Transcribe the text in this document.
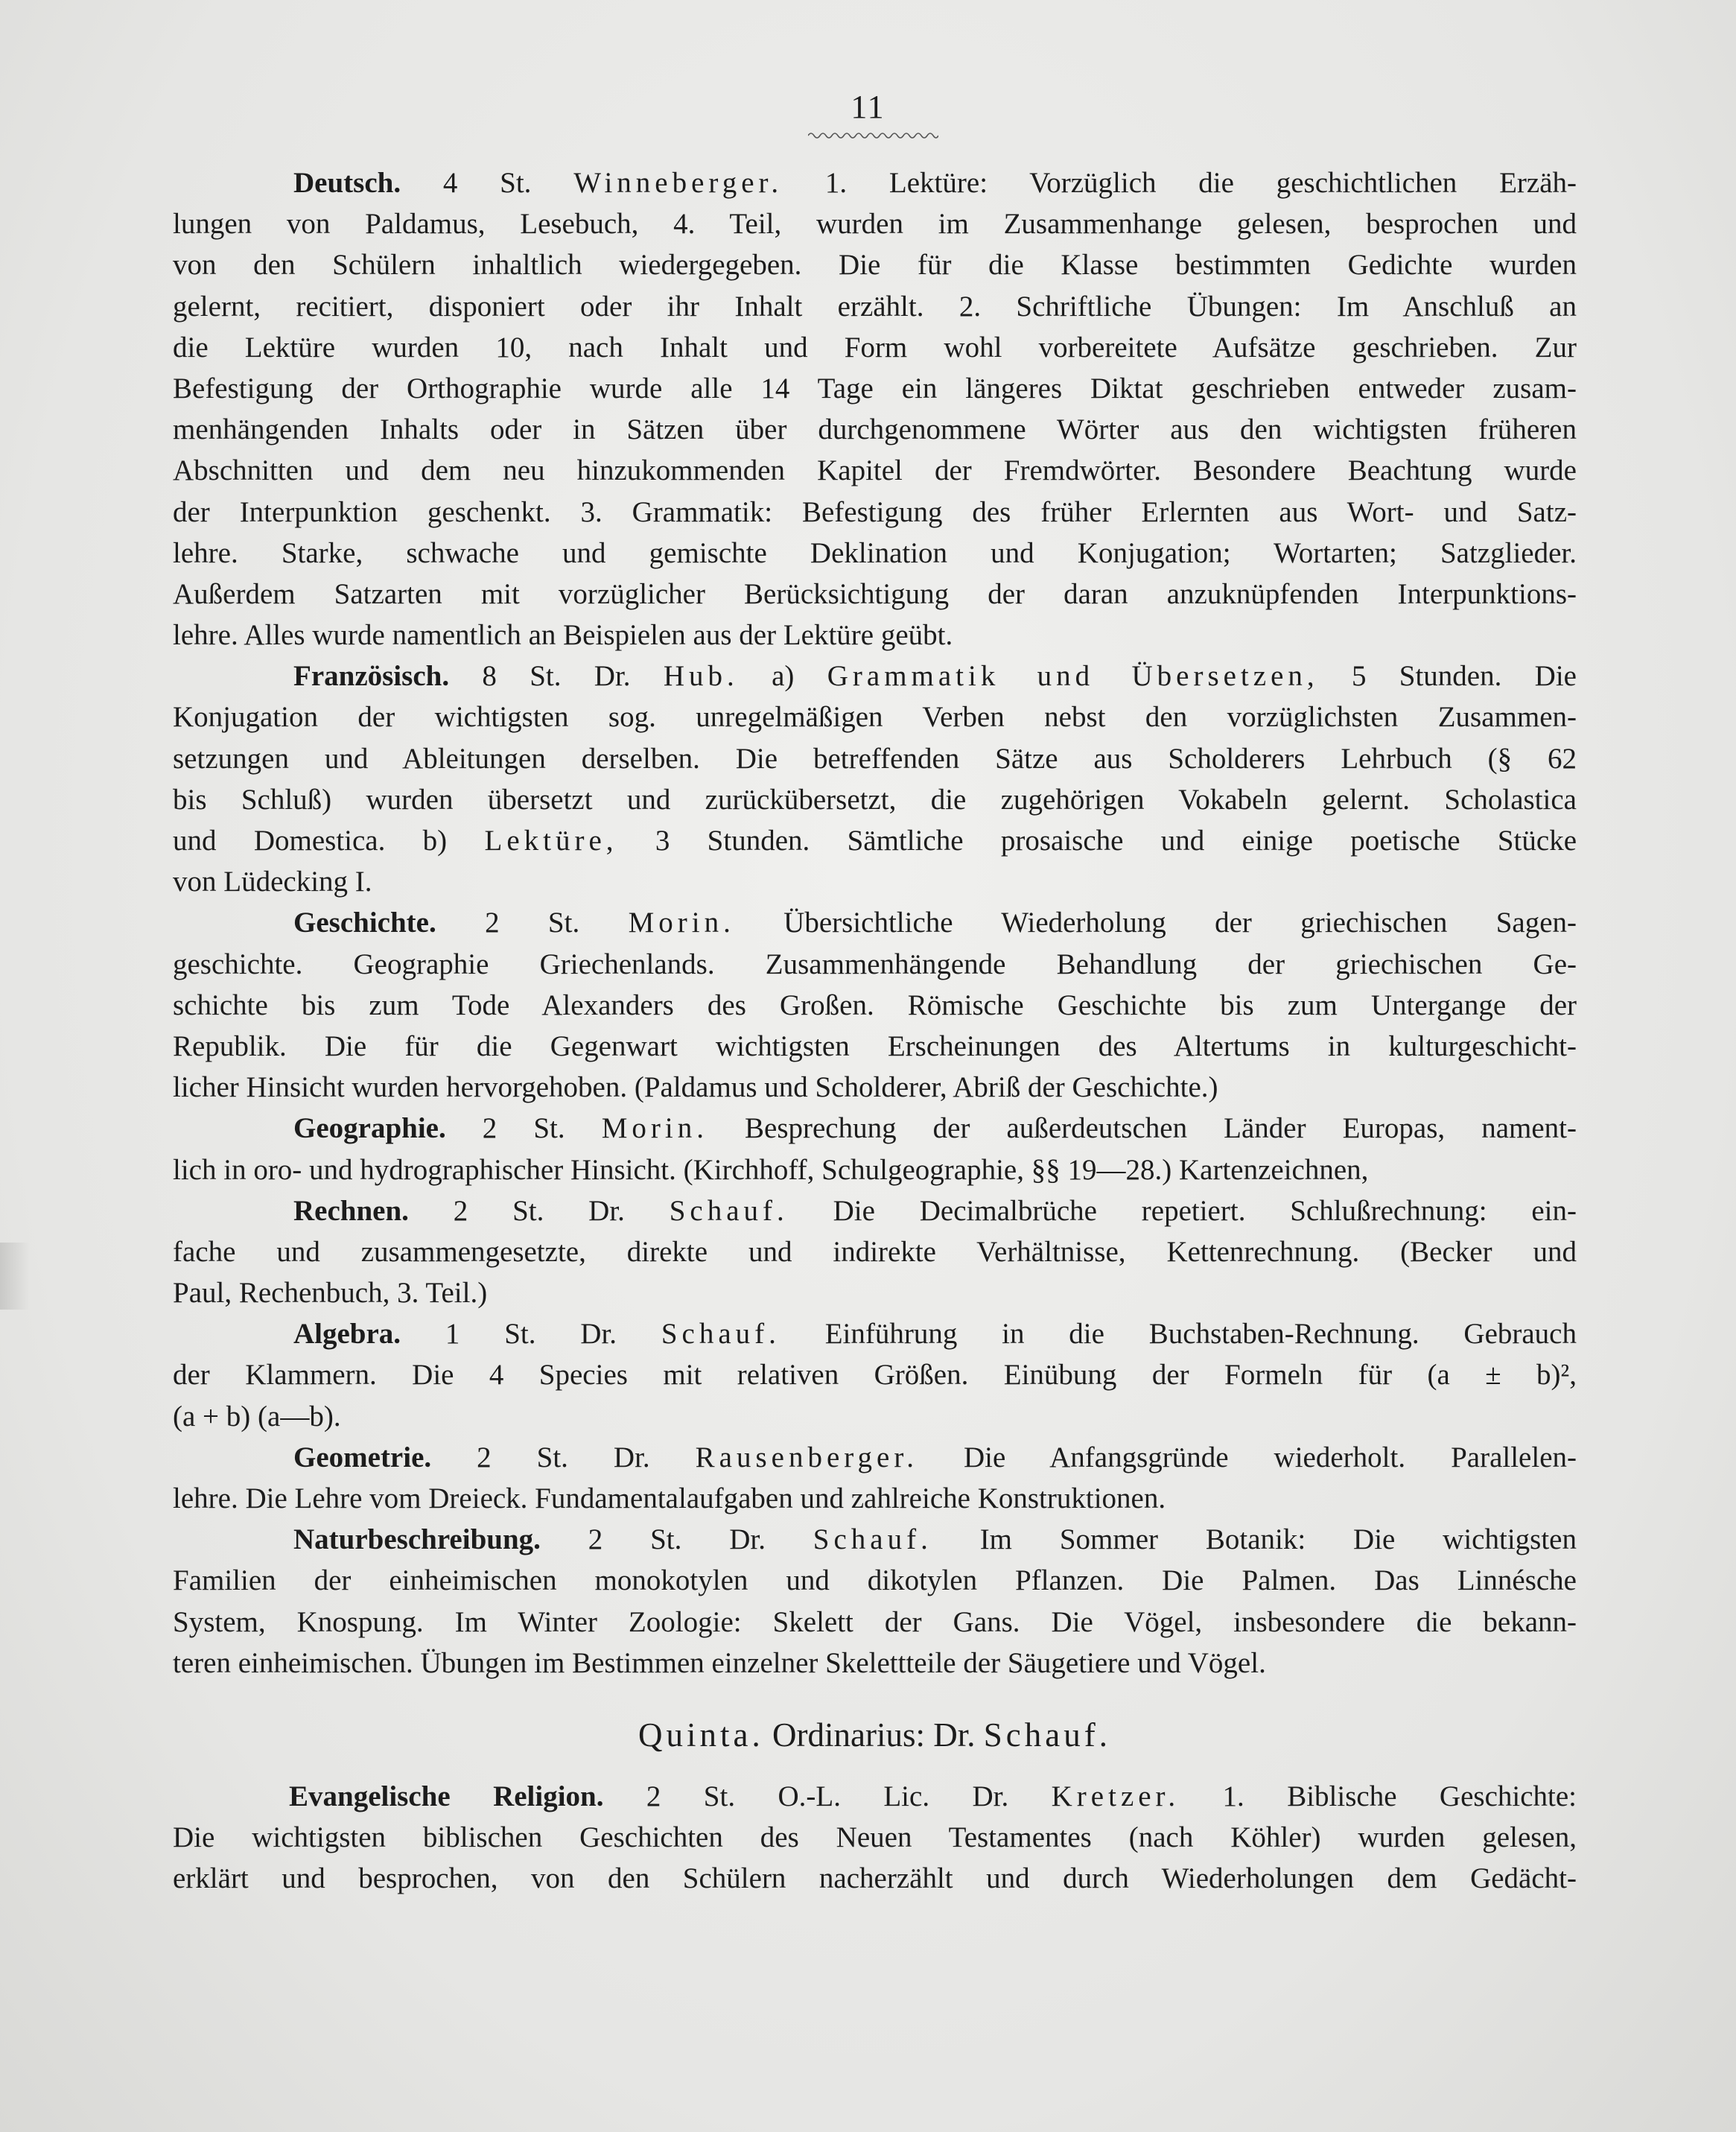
11
Deutsch. 4 St. Winneberger. 1. Lektüre: Vorzüglich die geschichtlichen Erzäh-
lungen von Paldamus, Lesebuch, 4. Teil, wurden im Zusammenhange gelesen, besprochen und
von den Schülern inhaltlich wiedergegeben. Die für die Klasse bestimmten Gedichte wurden
gelernt, recitiert, disponiert oder ihr Inhalt erzählt. 2. Schriftliche Übungen: Im Anschluß an
die Lektüre wurden 10, nach Inhalt und Form wohl vorbereitete Aufsätze geschrieben. Zur
Befestigung der Orthographie wurde alle 14 Tage ein längeres Diktat geschrieben entweder zusam-
menhängenden Inhalts oder in Sätzen über durchgenommene Wörter aus den wichtigsten früheren
Abschnitten und dem neu hinzukommenden Kapitel der Fremdwörter. Besondere Beachtung wurde
der Interpunktion geschenkt. 3. Grammatik: Befestigung des früher Erlernten aus Wort- und Satz-
lehre. Starke, schwache und gemischte Deklination und Konjugation; Wortarten; Satzglieder.
Außerdem Satzarten mit vorzüglicher Berücksichtigung der daran anzuknüpfenden Interpunktions-
lehre. Alles wurde namentlich an Beispielen aus der Lektüre geübt.
Französisch. 8 St. Dr. Hub. a) Grammatik und Übersetzen, 5 Stunden. Die
Konjugation der wichtigsten sog. unregelmäßigen Verben nebst den vorzüglichsten Zusammen-
setzungen und Ableitungen derselben. Die betreffenden Sätze aus Scholderers Lehrbuch (§ 62
bis Schluß) wurden übersetzt und zurückübersetzt, die zugehörigen Vokabeln gelernt. Scholastica
und Domestica. b) Lektüre, 3 Stunden. Sämtliche prosaische und einige poetische Stücke
von Lüdecking I.
Geschichte. 2 St. Morin. Übersichtliche Wiederholung der griechischen Sagen-
geschichte. Geographie Griechenlands. Zusammenhängende Behandlung der griechischen Ge-
schichte bis zum Tode Alexanders des Großen. Römische Geschichte bis zum Untergange der
Republik. Die für die Gegenwart wichtigsten Erscheinungen des Altertums in kulturgeschicht-
licher Hinsicht wurden hervorgehoben. (Paldamus und Scholderer, Abriß der Geschichte.)
Geographie. 2 St. Morin. Besprechung der außerdeutschen Länder Europas, nament-
lich in oro- und hydrographischer Hinsicht. (Kirchhoff, Schulgeographie, §§ 19—28.) Kartenzeichnen,
Rechnen. 2 St. Dr. Schauf. Die Decimalbrüche repetiert. Schlußrechnung: ein-
fache und zusammengesetzte, direkte und indirekte Verhältnisse, Kettenrechnung. (Becker und
Paul, Rechenbuch, 3. Teil.)
Algebra. 1 St. Dr. Schauf. Einführung in die Buchstaben-Rechnung. Gebrauch
der Klammern. Die 4 Species mit relativen Größen. Einübung der Formeln für (a ± b)²,
(a + b) (a—b).
Geometrie. 2 St. Dr. Rausenberger. Die Anfangsgründe wiederholt. Parallelen-
lehre. Die Lehre vom Dreieck. Fundamentalaufgaben und zahlreiche Konstruktionen.
Naturbeschreibung. 2 St. Dr. Schauf. Im Sommer Botanik: Die wichtigsten
Familien der einheimischen monokotylen und dikotylen Pflanzen. Die Palmen. Das Linnésche
System, Knospung. Im Winter Zoologie: Skelett der Gans. Die Vögel, insbesondere die bekann-
teren einheimischen. Übungen im Bestimmen einzelner Skelettteile der Säugetiere und Vögel.
Quinta. Ordinarius: Dr. Schauf.
Evangelische Religion. 2 St. O.-L. Lic. Dr. Kretzer. 1. Biblische Geschichte:
Die wichtigsten biblischen Geschichten des Neuen Testamentes (nach Köhler) wurden gelesen,
erklärt und besprochen, von den Schülern nacherzählt und durch Wiederholungen dem Gedächt-
